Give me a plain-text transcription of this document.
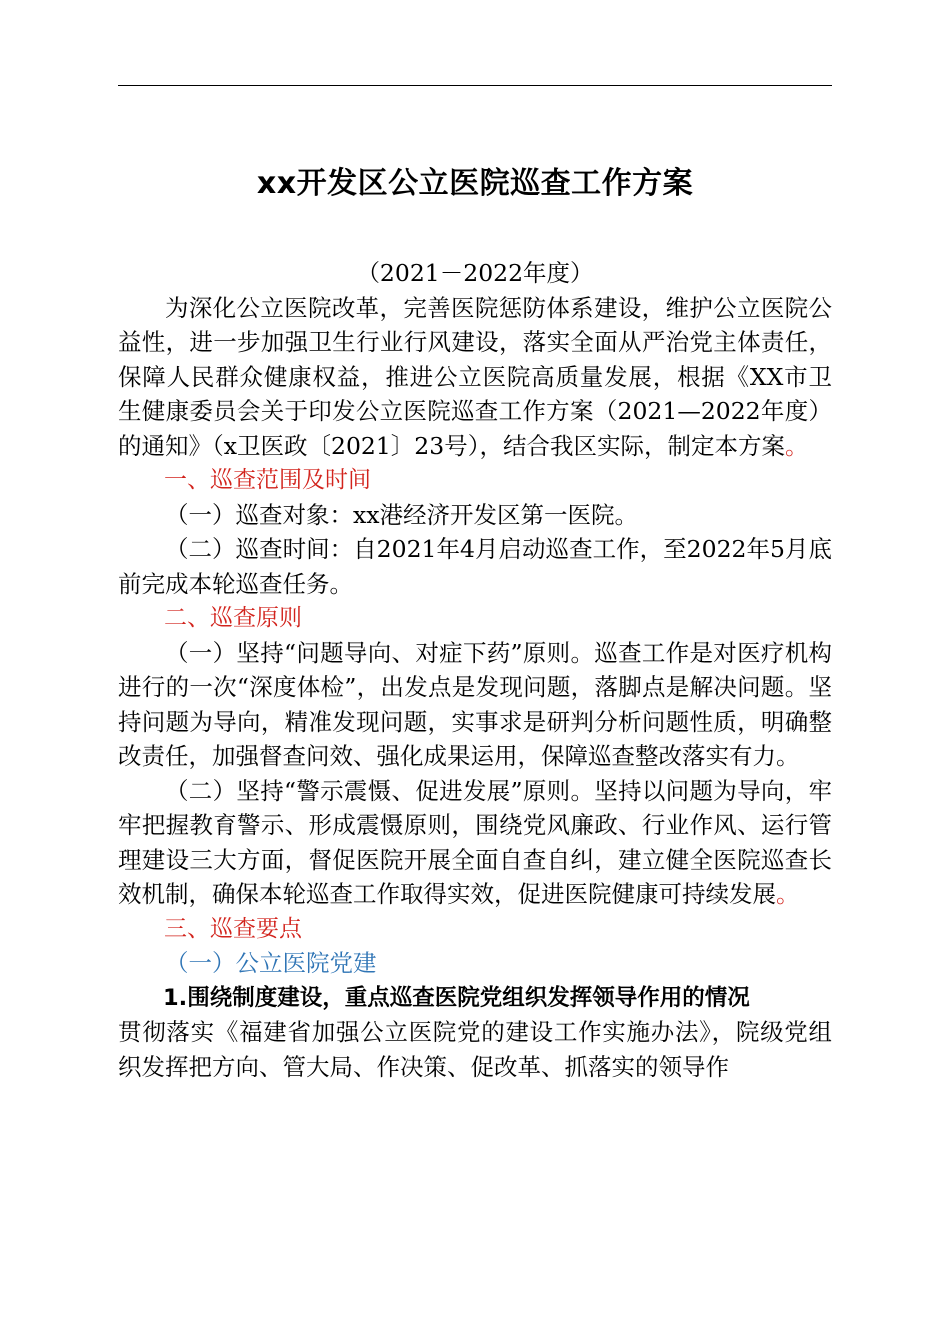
xx开发区公立医院巡查工作方案

（2021－2022年度）

为深化公立医院改革，完善医院惩防体系建设，维护公立医院公益性，进一步加强卫生行业行风建设，落实全面从严治党主体责任，保障人民群众健康权益，推进公立医院高质量发展，根据《XX市卫生健康委员会关于印发公立医院巡查工作方案（2021—2022年度）的通知》（x卫医政〔2021〕23号），结合我区实际，制定本方案。

一、巡查范围及时间

（一）巡查对象：xx港经济开发区第一医院。

（二）巡查时间：自2021年4月启动巡查工作，至2022年5月底前完成本轮巡查任务。

二、巡查原则

（一）坚持“问题导向、对症下药”原则。巡查工作是对医疗机构进行的一次“深度体检”，出发点是发现问题，落脚点是解决问题。坚持问题为导向，精准发现问题，实事求是研判分析问题性质，明确整改责任，加强督查问效、强化成果运用，保障巡查整改落实有力。

（二）坚持“警示震慑、促进发展”原则。坚持以问题为导向，牢牢把握教育警示、形成震慑原则，围绕党风廉政、行业作风、运行管理建设三大方面，督促医院开展全面自查自纠，建立健全医院巡查长效机制，确保本轮巡查工作取得实效，促进医院健康可持续发展。

三、巡查要点

（一）公立医院党建

1.围绕制度建设，重点巡查医院党组织发挥领导作用的情况

贯彻落实《福建省加强公立医院党的建设工作实施办法》，院级党组织发挥把方向、管大局、作决策、促改革、抓落实的领导作
